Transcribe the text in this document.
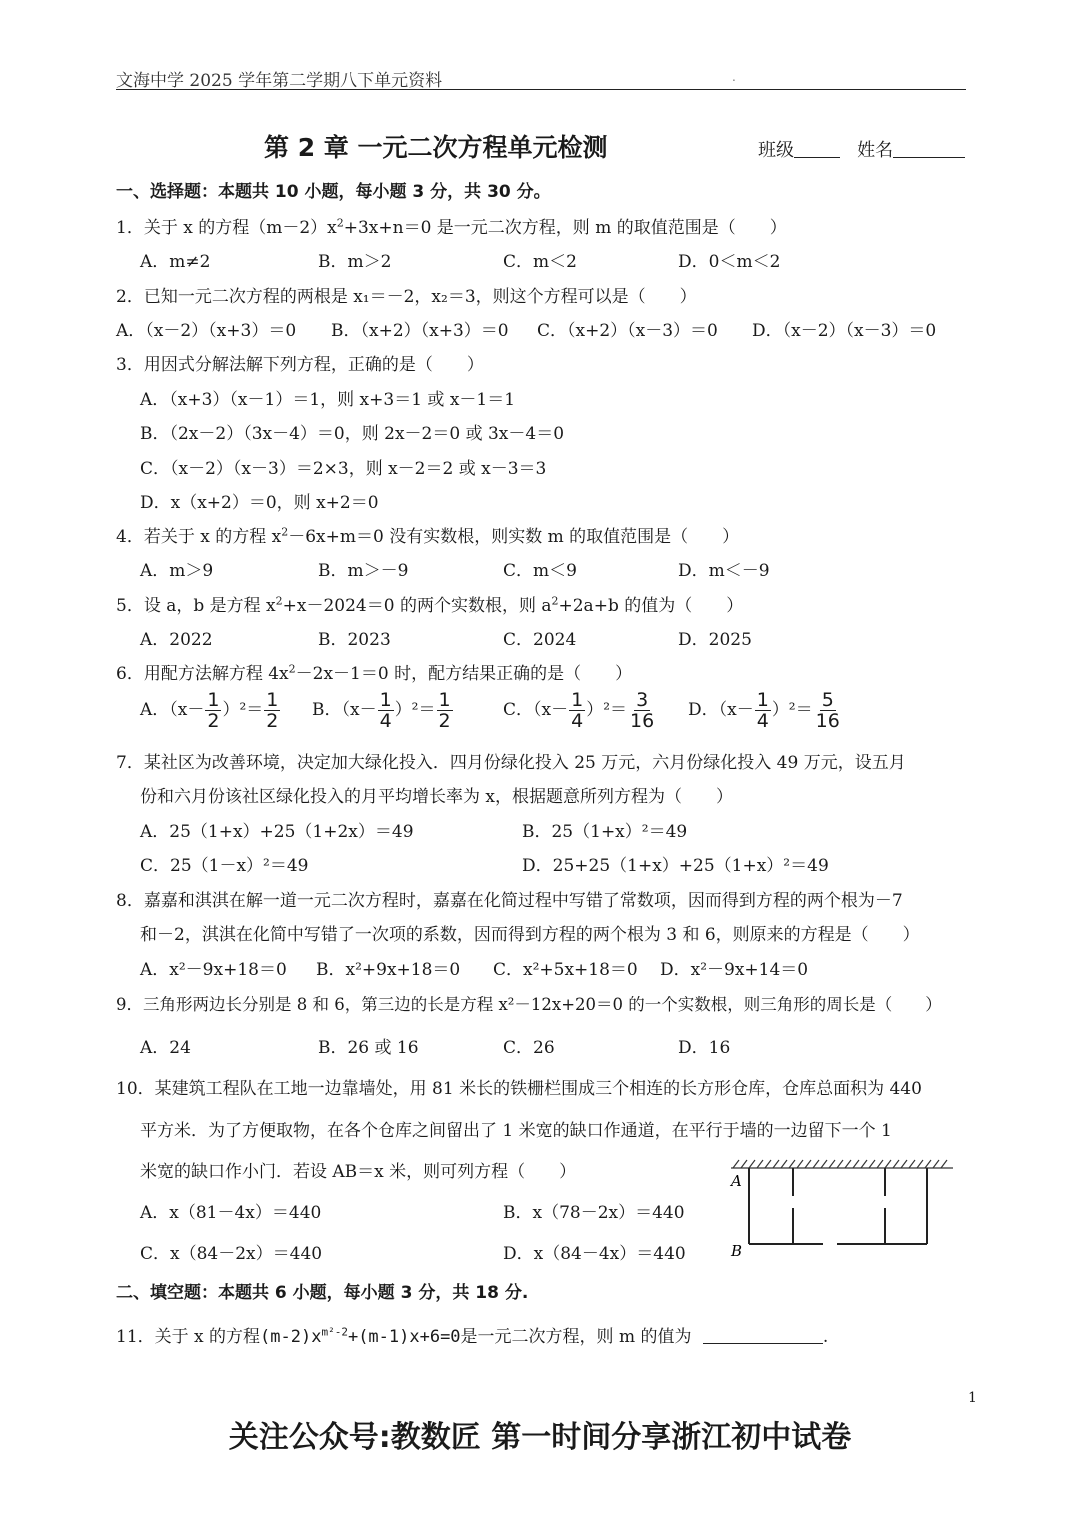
文海中学 2025 学年第二学期八下单元资料	.
第 2 章 一元二次方程单元检测	班级	姓名
一、选择题：本题共 10 小题，每小题 3 分，共 30 分。
1．关于 x 的方程$(m-2)x^2+3x+n=0$ 是一元二次方程，则 m 的取值范围是（　　）
A．m≠2	B．m＞2	C．m＜2	D．0＜m＜2
2．已知一元二次方程的两根是 x₁＝－2，x₂＝3，则这个方程可以是（　　）
A．（x－2）（x+3）＝0 B．（x+2）（x+3）＝0 C．（x+2）（x－3）＝0 D．（x－2）（x－3）＝0
3．用因式分解法解下列方程，正确的是（　　）
A．（x+3）（x－1）＝1，则 x+3＝1 或 x－1＝1
B．（2x－2）（3x－4）＝0，则 2x－2＝0 或 3x－4＝0
C．（x－2）（x－3）＝2×3，则 x－2＝2 或 x－3＝3
D．x（x+2）＝0，则 x+2＝0
4．若关于 x 的方程 $x^2-6x+m=0$ 没有实数根，则实数 m 的取值范围是（　　）
A．m＞9	B．m＞－9	C．m＜9	D．m＜－9
5．设 a，b 是方程 $x^2+x-2024=0$ 的两个实数根，则 $a^2+2a+b$ 的值为（　　）
A．2022	B．2023	C．2024	D．2025
6．用配方法解方程 $4x^2-2x-1=0$ 时，配方结果正确的是（　　）
A．$(x- \frac{1}{2} )^2= \frac{1}{2}$ B．$(x- \frac{1}{4} )^2= \frac{1}{2}$	C．$(x- \frac{1}{4} )^2= \frac{3}{16}$ D．$(x- \frac{1}{4} )^2= \frac{5}{16}$
7．某社区为改善环境，决定加大绿化投入．四月份绿化投入 25 万元，六月份绿化投入 49 万元，设五月
份和六月份该社区绿化投入的月平均增长率为 x，根据题意所列方程为（　　）
A．25（1+x）+25（1+2x）＝49	B．25（1+x）²＝49
C．25（1－x）²＝49	D．25+25（1+x）+25（1+x）²＝49
8．嘉嘉和淇淇在解一道一元二次方程时，嘉嘉在化简过程中写错了常数项，因而得到方程的两个根为－7
和－2，淇淇在化简中写错了一次项的系数，因而得到方程的两个根为 3 和 6，则原来的方程是（　　）
A．x²－9x+18＝0 B．x²+9x+18＝0 C．x²+5x+18＝0 D．x²－9x+14＝0
9．三角形两边长分别是 8 和 6，第三边的长是方程 x²－12x+20＝0 的一个实数根，则三角形的周长是（　　）
A．24	B．26 或 16	C．26	D．16
10．某建筑工程队在工地一边靠墙处，用 81 米长的铁栅栏围成三个相连的长方形仓库，仓库总面积为 440
平方米．为了方便取物，在各个仓库之间留出了 1 米宽的缺口作通道，在平行于墙的一边留下一个 1
米宽的缺口作小门．若设 AB＝x 米，则可列方程（　　）
A．x（81－4x）＝440	B．x（78－2x）＝440
C．x（84－2x）＝440	D．x（84－4x）＝440
A
B
二、填空题：本题共 6 小题，每小题 3 分，共 18 分.
11．关于 x 的方程$(m-2)x^{m^2-2}+(m-1)x+6=0$是一元二次方程，则 m 的值为	.
1
关注公众号:教数匠 第一时间分享浙江初中试卷
